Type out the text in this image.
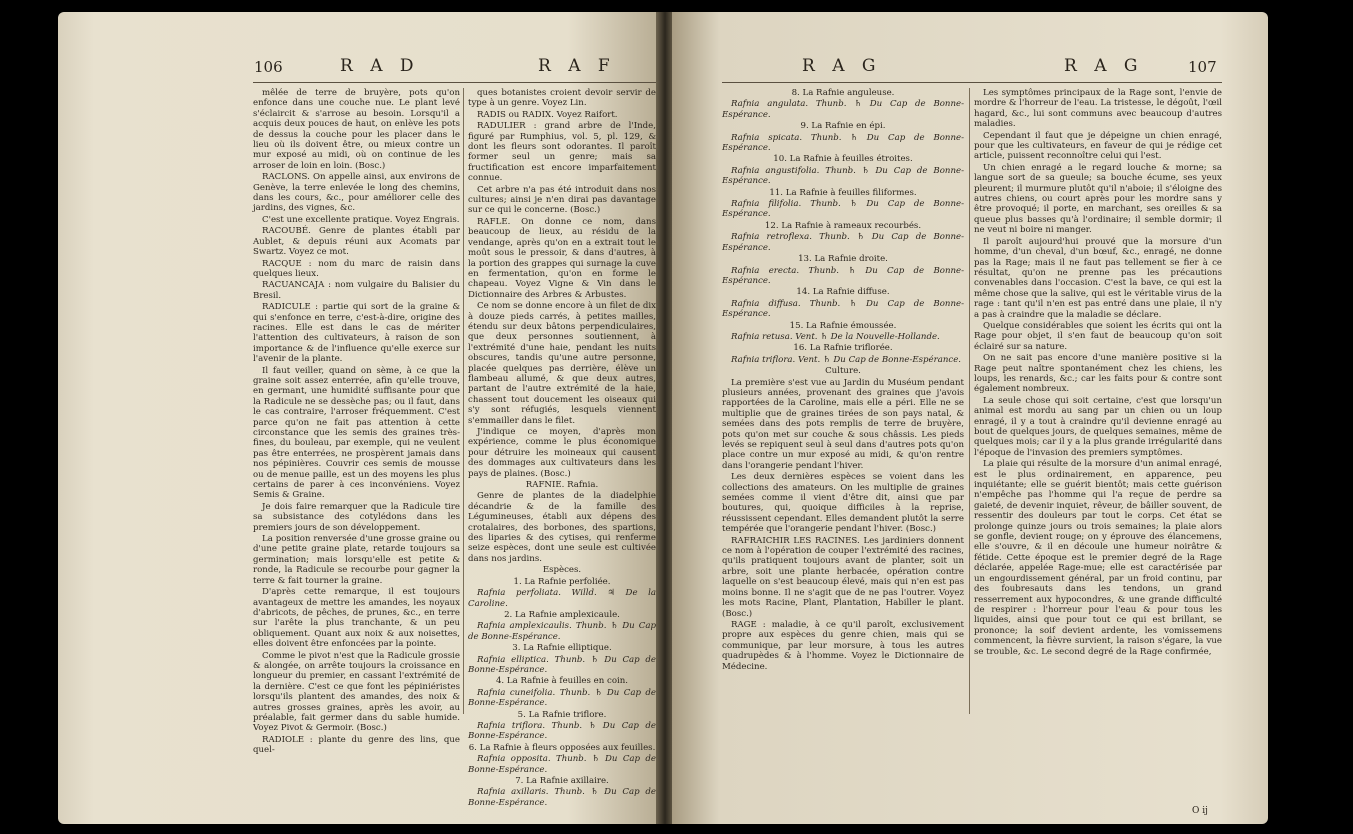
106	R A D	R A F

mêlée de terre de bruyère, pots qu'on enfonce dans une couche nue. Le plant levé s'éclaircit & s'arrose au besoin. Lorsqu'il a acquis deux pouces de haut, on enlève les pots de dessus la couche pour les placer dans le lieu où ils doivent être, ou mieux contre un mur exposé au midi, où on continue de les arroser de loin en loin. (Bosc.)

RACLONS. On appelle ainsi, aux environs de Genève, la terre enlevée le long des chemins, dans les cours, &c., pour améliorer celle des jardins, des vignes, &c.

C'est une excellente pratique. Voyez Engrais.

RACOUBÉ. Genre de plantes établi par Aublet, & depuis réuni aux Acomats par Swartz. Voyez ce mot.

RACQUE : nom du marc de raisin dans quelques lieux.

RACUANCAJA : nom vulgaire du Balisier du Bresil.

RADICULE : partie qui sort de la graine & qui s'enfonce en terre, c'est-à-dire, origine des racines. Elle est dans le cas de mériter l'attention des cultivateurs, à raison de son importance & de l'influence qu'elle exerce sur l'avenir de la plante.

Il faut veiller, quand on sème, à ce que la graine soit assez enterrée, afin qu'elle trouve, en germant, une humidité suffisante pour que la Radicule ne se dessèche pas; ou il faut, dans le cas contraire, l'arroser fréquemment. C'est parce qu'on ne fait pas attention à cette circonstance que les semis des graines très-fines, du bouleau, par exemple, qui ne veulent pas être enterrées, ne prospèrent jamais dans nos pépinières. Couvrir ces semis de mousse ou de menue paille, est un des moyens les plus certains de parer à ces inconvéniens. Voyez Semis & Graine.

Je dois faire remarquer que la Radicule tire sa subsistance des cotylédons dans les premiers jours de son développement.

La position renversée d'une grosse graine ou d'une petite graine plate, retarde toujours sa germination; mais lorsqu'elle est petite & ronde, la Radicule se recourbe pour gagner la terre & fait tourner la graine.

D'après cette remarque, il est toujours avantageux de mettre les amandes, les noyaux d'abricots, de pêches, de prunes, &c., en terre sur l'arête la plus tranchante, & un peu obliquement. Quant aux noix & aux noisettes, elles doivent être enfoncées par la pointe.

Comme le pivot n'est que la Radicule grossie & alongée, on arrête toujours la croissance en longueur du premier, en cassant l'extrémité de la dernière. C'est ce que font les pépiniéristes lorsqu'ils plantent des amandes, des noix & autres grosses graines, après les avoir, au préalable, fait germer dans du sable humide. Voyez Pivot & Germoir. (Bosc.)

RADIOLE : plante du genre des lins, que quel-

ques botanistes croient devoir servir de type à un genre. Voyez Lin.

RADIS ou RADIX. Voyez Raifort.

RADULIER : grand arbre de l'Inde, figuré par Rumphius, vol. 5, pl. 129, & dont les fleurs sont odorantes. Il paroît former seul un genre; mais sa fructification est encore imparfaitement connue.

Cet arbre n'a pas été introduit dans nos cultures; ainsi je n'en dirai pas davantage sur ce qui le concerne. (Bosc.)

RAFLE. On donne ce nom, dans beaucoup de lieux, au résidu de la vendange, après qu'on en a extrait tout le moût sous le pressoir, & dans d'autres, à la portion des grappes qui surnage la cuve en fermentation, qu'on en forme le chapeau. Voyez Vigne & Vin dans le Dictionnaire des Arbres & Arbustes.

Ce nom se donne encore à un filet de dix à douze pieds carrés, à petites mailles, étendu sur deux bâtons perpendiculaires, que deux personnes soutiennent, à l'extrémité d'une haie, pendant les nuits obscures, tandis qu'une autre personne, placée quelques pas derrière, élève un flambeau allumé, & que deux autres, partant de l'autre extrémité de la haie, chassent tout doucement les oiseaux qui s'y sont réfugiés, lesquels viennent s'emmailler dans le filet.

J'indique ce moyen, d'après mon expérience, comme le plus économique pour détruire les moineaux qui causent des dommages aux cultivateurs dans les pays de plaines. (Bosc.)

RAFNIE. Rafnia.

Genre de plantes de la diadelphie décandrie & de la famille des Légumineuses, établi aux dépens des crotalaires, des borbones, des spartions, des liparies & des cytises, qui renferme seize espèces, dont une seule est cultivée dans nos jardins.

Espèces.

1. La Rafnie perfoliée.

Rafnia perfoliata. Willd. ♃ De la Caroline.

2. La Rafnie amplexicaule.

Rafnia amplexicaulis. Thunb. ♄ Du Cap de Bonne-Espérance.

3. La Rafnie elliptique.

Rafnia elliptica. Thunb. ♄ Du Cap de Bonne-Espérance.

4. La Rafnie à feuilles en coin.

Rafnia cuneifolia. Thunb. ♄ Du Cap de Bonne-Espérance.

5. La Rafnie triflore.

Rafnia triflora. Thunb. ♄ Du Cap de Bonne-Espérance.

6. La Rafnie à fleurs opposées aux feuilles.

Rafnia oppositа. Thunb. ♄ Du Cap de Bonne-Espérance.

7. La Rafnie axillaire.

Rafnia axillaris. Thunb. ♄ Du Cap de Bonne-Espérance.

R A G	R A G	107

8. La Rafnie anguleuse.

Rafnia angulata. Thunb. ♄ Du Cap de Bonne-Espérance.

9. La Rafnie en épi.

Rafnia spicata. Thunb. ♄ Du Cap de Bonne-Espérance.

10. La Rafnie à feuilles étroites.

Rafnia angustifolia. Thunb. ♄ Du Cap de Bonne-Espérance.

11. La Rafnie à feuilles filiformes.

Rafnia filifolia. Thunb. ♄ Du Cap de Bonne-Espérance.

12. La Rafnie à rameaux recourbés.

Rafnia retroflexa. Thunb. ♄ Du Cap de Bonne-Espérance.

13. La Rafnie droite.

Rafnia erecta. Thunb. ♄ Du Cap de Bonne-Espérance.

14. La Rafnie diffuse.

Rafnia diffusa. Thunb. ♄ Du Cap de Bonne-Espérance.

15. La Rafnie émoussée.

Rafnia retusa. Vent. ♄ De la Nouvelle-Hollande.

16. La Rafnie triflorée.

Rafnia triflora. Vent. ♄ Du Cap de Bonne-Espérance.

Culture.

La première s'est vue au Jardin du Muséum pendant plusieurs années, provenant des graines que j'avois rapportées de la Caroline, mais elle a péri. Elle ne se multiplie que de graines tirées de son pays natal, & semées dans des pots remplis de terre de bruyère, pots qu'on met sur couche & sous châssis. Les pieds levés se repiquent seul à seul dans d'autres pots qu'on place contre un mur exposé au midi, & qu'on rentre dans l'orangerie pendant l'hiver.

Les deux dernières espèces se voient dans les collections des amateurs. On les multiplie de graines semées comme il vient d'être dit, ainsi que par boutures, qui, quoique difficiles à la reprise, réussissent cependant. Elles demandent plutôt la serre tempérée que l'orangerie pendant l'hiver. (Bosc.)

RAFRAICHIR LES RACINES. Les jardiniers donnent ce nom à l'opération de couper l'extrémité des racines, qu'ils pratiquent toujours avant de planter, soit un arbre, soit une plante herbacée, opération contre laquelle on s'est beaucoup élevé, mais qui n'en est pas moins bonne. Il ne s'agit que de ne pas l'outrer. Voyez les mots Racine, Plant, Plantation, Habiller le plant. (Bosc.)

RAGE : maladie, à ce qu'il paroît, exclusivement propre aux espèces du genre chien, mais qui se communique, par leur morsure, à tous les autres quadrupèdes & à l'homme. Voyez le Dictionnaire de Médecine.

Les symptômes principaux de la Rage sont, l'envie de mordre & l'horreur de l'eau. La tristesse, le dégoût, l'œil hagard, &c., lui sont communs avec beaucoup d'autres maladies.

Cependant il faut que je dépeigne un chien enragé, pour que les cultivateurs, en faveur de qui je rédige cet article, puissent reconnoître celui qui l'est.

Un chien enragé a le regard louche & morne; sa langue sort de sa gueule; sa bouche écume, ses yeux pleurent; il murmure plutôt qu'il n'aboie; il s'éloigne des autres chiens, ou court après pour les mordre sans y être provoqué; il porte, en marchant, ses oreilles & sa queue plus basses qu'à l'ordinaire; il semble dormir; il ne veut ni boire ni manger.

Il paroît aujourd'hui prouvé que la morsure d'un homme, d'un cheval, d'un bœuf, &c., enragé, ne donne pas la Rage; mais il ne faut pas tellement se fier à ce résultat, qu'on ne prenne pas les précautions convenables dans l'occasion. C'est la bave, ce qui est la même chose que la salive, qui est le véritable virus de la rage : tant qu'il n'en est pas entré dans une plaie, il n'y a pas à craindre que la maladie se déclare.

Quelque considérables que soient les écrits qui ont la Rage pour objet, il s'en faut de beaucoup qu'on soit éclairé sur sa nature.

On ne sait pas encore d'une manière positive si la Rage peut naître spontanément chez les chiens, les loups, les renards, &c.; car les faits pour & contre sont également nombreux.

La seule chose qui soit certaine, c'est que lorsqu'un animal est mordu au sang par un chien ou un loup enragé, il y a tout à craindre qu'il devienne enragé au bout de quelques jours, de quelques semaines, même de quelques mois; car il y a la plus grande irrégularité dans l'époque de l'invasion des premiers symptômes.

La plaie qui résulte de la morsure d'un animal enragé, est le plus ordinairement, en apparence, peu inquiétante; elle se guérit bientôt; mais cette guérison n'empêche pas l'homme qui l'a reçue de perdre sa gaieté, de devenir inquiet, rêveur, de bâiller souvent, de ressentir des douleurs par tout le corps. Cet état se prolonge quinze jours ou trois semaines; la plaie alors se gonfle, devient rouge; on y éprouve des élancemens, elle s'ouvre, & il en découle une humeur noirâtre & fétide. Cette époque est le premier degré de la Rage déclarée, appelée Rage-mue; elle est caractérisée par un engourdissement général, par un froid continu, par des foubresauts dans les tendons, un grand resserrement aux hypocondres, & une grande difficulté de respirer : l'horreur pour l'eau & pour tous les liquides, ainsi que pour tout ce qui est brillant, se prononce; la soif devient ardente, les vomissemens commencent, la fièvre survient, la raison s'égare, la vue se trouble, &c. Le second degré de la Rage confirmée,

O ij
